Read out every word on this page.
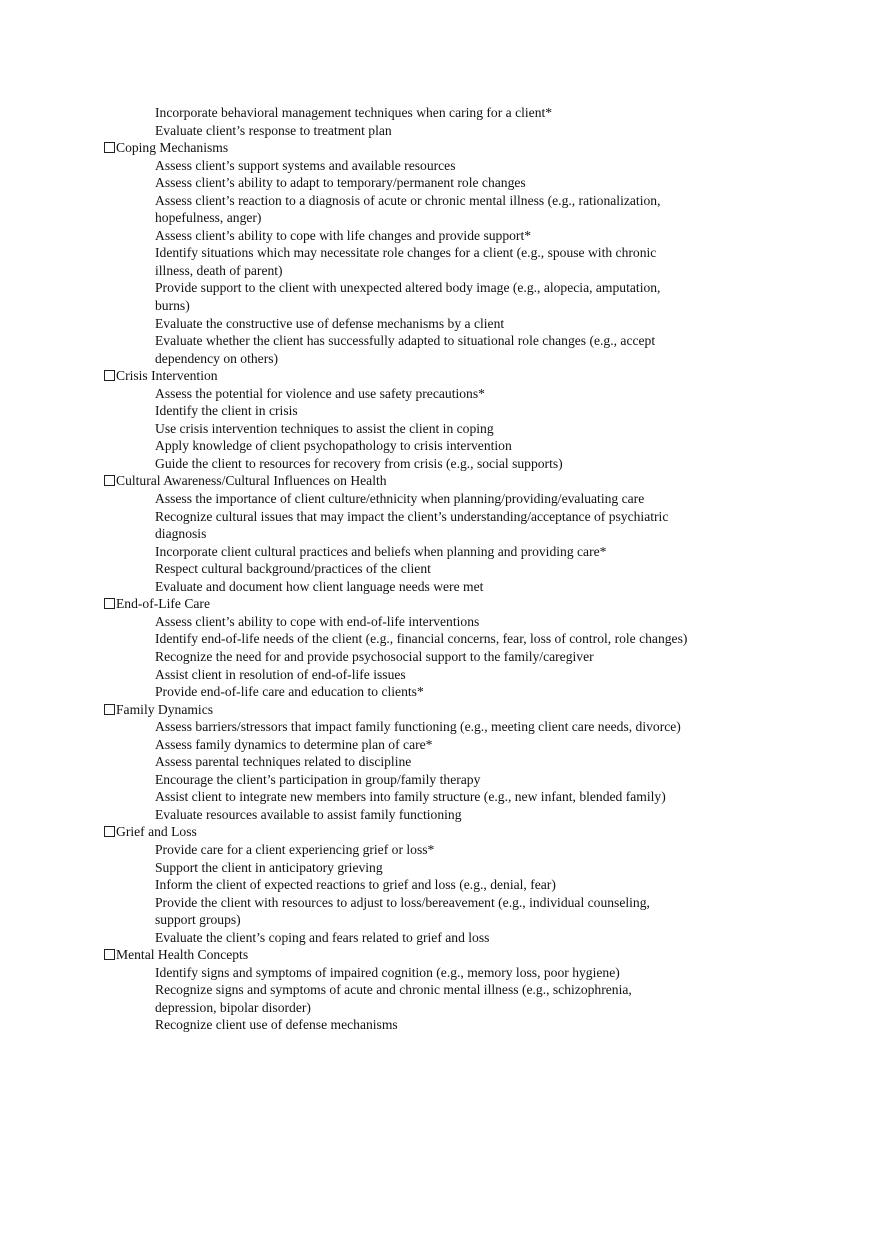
Incorporate behavioral management techniques when caring for a client*
Evaluate client’s response to treatment plan
Coping Mechanisms
Assess client’s support systems and available resources
Assess client’s ability to adapt to temporary/permanent role changes
Assess client’s reaction to a diagnosis of acute or chronic mental illness (e.g., rationalization,
hopefulness, anger)
Assess client’s ability to cope with life changes and provide support*
Identify situations which may necessitate role changes for a client (e.g., spouse with chronic
illness, death of parent)
Provide support to the client with unexpected altered body image (e.g., alopecia, amputation,
burns)
Evaluate the constructive use of defense mechanisms by a client
Evaluate whether the client has successfully adapted to situational role changes (e.g., accept
dependency on others)
Crisis Intervention
Assess the potential for violence and use safety precautions*
Identify the client in crisis
Use crisis intervention techniques to assist the client in coping
Apply knowledge of client psychopathology to crisis intervention
Guide the client to resources for recovery from crisis (e.g., social supports)
Cultural Awareness/Cultural Influences on Health
Assess the importance of client culture/ethnicity when planning/providing/evaluating care
Recognize cultural issues that may impact the client’s understanding/acceptance of psychiatric
diagnosis
Incorporate client cultural practices and beliefs when planning and providing care*
Respect cultural background/practices of the client
Evaluate and document how client language needs were met
End-of-Life Care
Assess client’s ability to cope with end-of-life interventions
Identify end-of-life needs of the client (e.g., financial concerns, fear, loss of control, role changes)
Recognize the need for and provide psychosocial support to the family/caregiver
Assist client in resolution of end-of-life issues
Provide end-of-life care and education to clients*
Family Dynamics
Assess barriers/stressors that impact family functioning (e.g., meeting client care needs, divorce)
Assess family dynamics to determine plan of care*
Assess parental techniques related to discipline
Encourage the client’s participation in group/family therapy
Assist client to integrate new members into family structure (e.g., new infant, blended family)
Evaluate resources available to assist family functioning
Grief and Loss
Provide care for a client experiencing grief or loss*
Support the client in anticipatory grieving
Inform the client of expected reactions to grief and loss (e.g., denial, fear)
Provide the client with resources to adjust to loss/bereavement (e.g., individual counseling,
support groups)
Evaluate the client’s coping and fears related to grief and loss
Mental Health Concepts
Identify signs and symptoms of impaired cognition (e.g., memory loss, poor hygiene)
Recognize signs and symptoms of acute and chronic mental illness (e.g., schizophrenia,
depression, bipolar disorder)
Recognize client use of defense mechanisms
